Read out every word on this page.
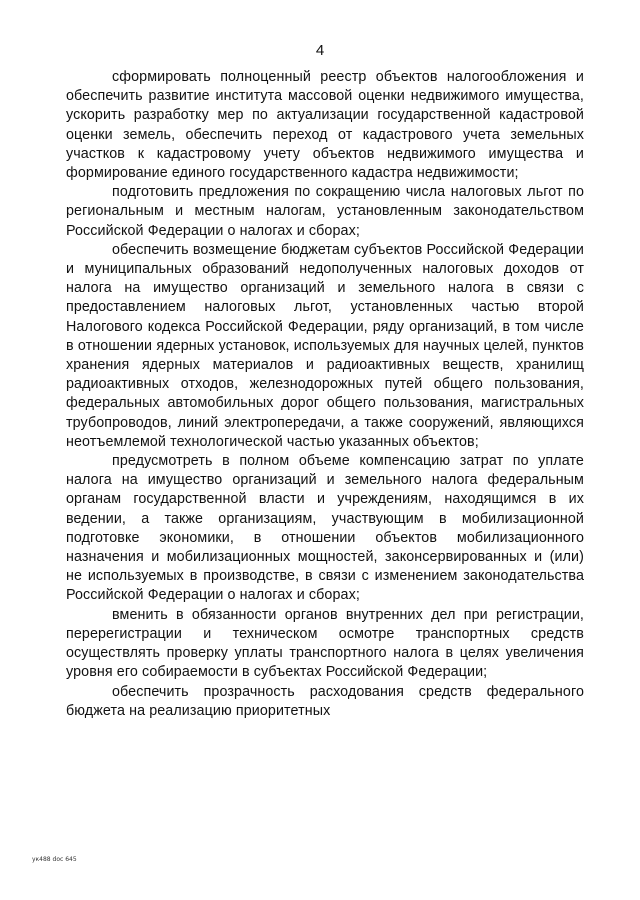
4

сформировать полноценный реестр объектов налогообложения и обеспечить развитие института массовой оценки недвижимого имущества, ускорить разработку мер по актуализации государственной кадастровой оценки земель, обеспечить переход от кадастрового учета земельных участков к кадастровому учету объектов недвижимого имущества и формирование единого государственного кадастра недвижимости;

подготовить предложения по сокращению числа налоговых льгот по региональным и местным налогам, установленным законодательством Российской Федерации о налогах и сборах;

обеспечить возмещение бюджетам субъектов Российской Федерации и муниципальных образований недополученных налоговых доходов от налога на имущество организаций и земельного налога в связи с предоставлением налоговых льгот, установленных частью второй Налогового кодекса Российской Федерации, ряду организаций, в том числе в отношении ядерных установок, используемых для научных целей, пунктов хранения ядерных материалов и радиоактивных веществ, хранилищ радиоактивных отходов, железнодорожных путей общего пользования, федеральных автомобильных дорог общего пользования, магистральных трубопроводов, линий электропередачи, а также сооружений, являющихся неотъемлемой технологической частью указанных объектов;

предусмотреть в полном объеме компенсацию затрат по уплате налога на имущество организаций и земельного налога федеральным органам государственной власти и учреждениям, находящимся в их ведении, а также организациям, участвующим в мобилизационной подготовке экономики, в отношении объектов мобилизационного назначения и мобилизационных мощностей, законсервированных и (или) не используемых в производстве, в связи с изменением законодательства Российской Федерации о налогах и сборах;

вменить в обязанности органов внутренних дел при регистрации, перерегистрации и техническом осмотре транспортных средств осуществлять проверку уплаты транспортного налога в целях увеличения уровня его собираемости в субъектах Российской Федерации;

обеспечить прозрачность расходования средств федерального бюджета на реализацию приоритетных

ук488 doc 645
